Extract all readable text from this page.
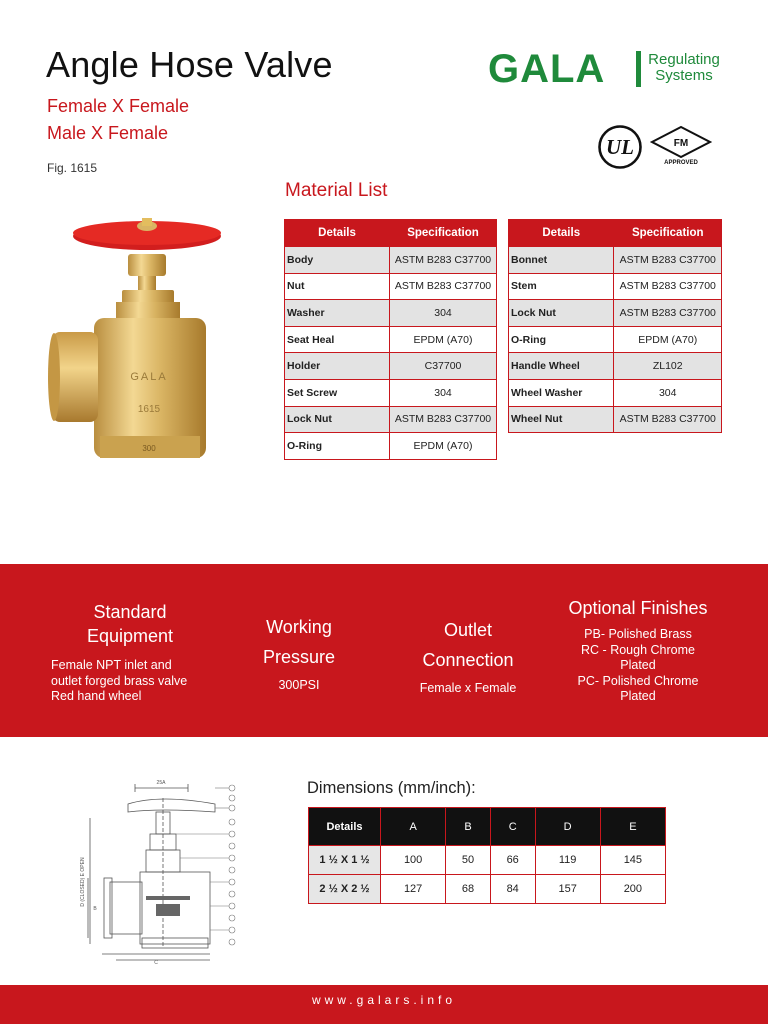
Angle Hose Valve
Female X Female
Male X Female
Fig. 1615
GALA	Regulating
Systems
UL	FM
APPROVED
GALA
1615
300
Material List
Details	Specification
Body	ASTM B283 C37700
Nut	ASTM B283 C37700
Washer	304
Seat Heal	EPDM (A70)
Holder	C37700
Set Screw	304
Lock Nut	ASTM B283 C37700
O-Ring	EPDM (A70)
Details	Specification
Bonnet	ASTM B283 C37700
Stem	ASTM B283 C37700
Lock Nut	ASTM B283 C37700
O-Ring	EPDM (A70)
Handle Wheel	ZL102
Wheel Washer	304
Wheel Nut	ASTM B283 C37700
Standard
Equipment
Female NPT inlet and
outlet forged brass valve
Red hand wheel
Working
Pressure
300PSI
Outlet
Connection
Female x Female
Optional Finishes
PB- Polished Brass
RC - Rough Chrome
Plated
PC- Polished Chrome
Plated
25A
D (CLOSED) E OPEN
C
B
Dimensions (mm/inch):
Details	A	B	C	D	E
1 ½ X 1 ½	100	50	66	119	145
2 ½ X 2 ½	127	68	84	157	200
www.galars.info
